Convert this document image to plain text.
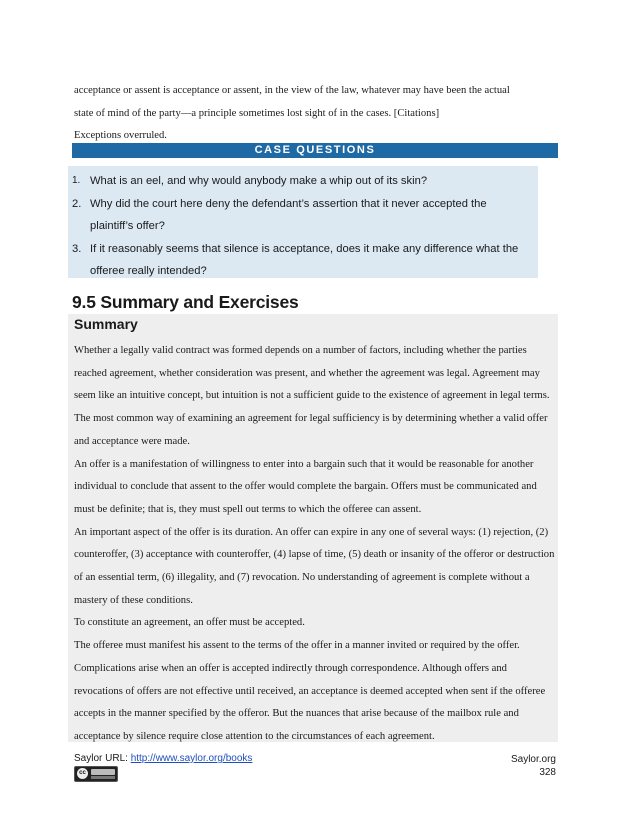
acceptance or assent is acceptance or assent, in the view of the law, whatever may have been the actual

state of mind of the party—a principle sometimes lost sight of in the cases. [Citations]

Exceptions overruled.

CASE QUESTIONS
1. What is an eel, and why would anybody make a whip out of its skin?
2. Why did the court here deny the defendant’s assertion that it never accepted the plaintiff’s offer?
3. If it reasonably seems that silence is acceptance, does it make any difference what the offeree really intended?
9.5 Summary and Exercises
Summary

Whether a legally valid contract was formed depends on a number of factors, including whether the parties reached agreement, whether consideration was present, and whether the agreement was legal. Agreement may seem like an intuitive concept, but intuition is not a sufficient guide to the existence of agreement in legal terms. The most common way of examining an agreement for legal sufficiency is by determining whether a valid offer and acceptance were made.

An offer is a manifestation of willingness to enter into a bargain such that it would be reasonable for another individual to conclude that assent to the offer would complete the bargain. Offers must be communicated and must be definite; that is, they must spell out terms to which the offeree can assent.

An important aspect of the offer is its duration. An offer can expire in any one of several ways: (1) rejection, (2) counteroffer, (3) acceptance with counteroffer, (4) lapse of time, (5) death or insanity of the offeror or destruction of an essential term, (6) illegality, and (7) revocation. No understanding of agreement is complete without a mastery of these conditions.

To constitute an agreement, an offer must be accepted.

The offeree must manifest his assent to the terms of the offer in a manner invited or required by the offer. Complications arise when an offer is accepted indirectly through correspondence. Although offers and revocations of offers are not effective until received, an acceptance is deemed accepted when sent if the offeree accepts in the manner specified by the offeror. But the nuances that arise because of the mailbox rule and acceptance by silence require close attention to the circumstances of each agreement.

Saylor URL: http://www.saylor.org/books
cc
Saylor.org
328
